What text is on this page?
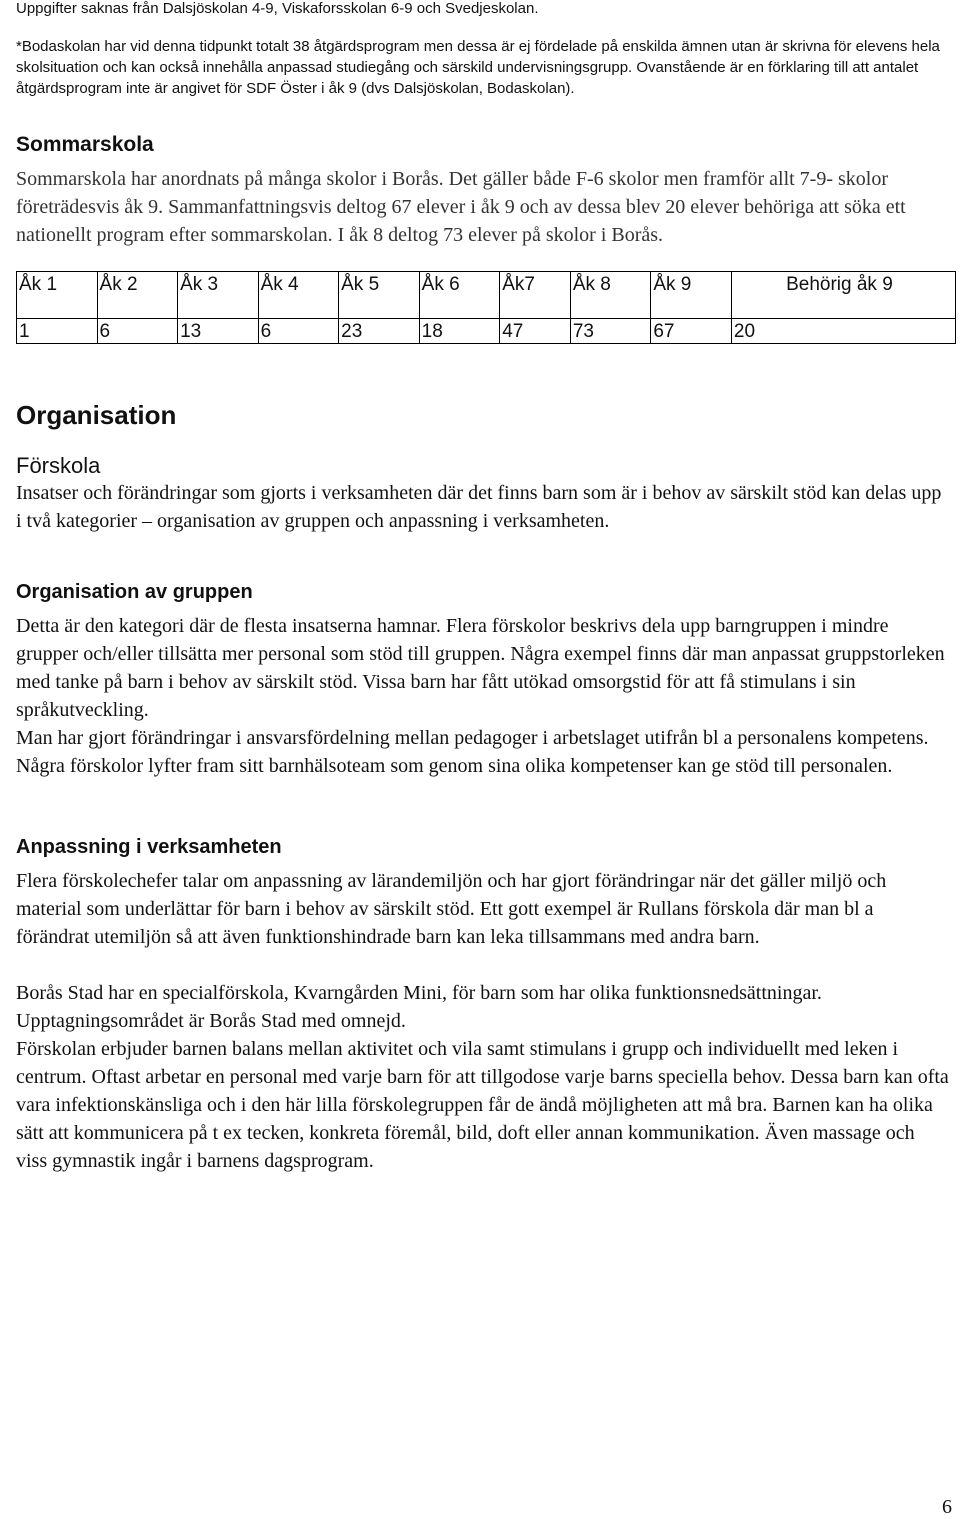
Uppgifter saknas från Dalsjöskolan 4-9, Viskaforsskolan 6-9 och Svedjeskolan.

*Bodaskolan har vid denna tidpunkt totalt 38 åtgärdsprogram men dessa är ej fördelade på enskilda ämnen utan är skrivna för elevens hela skolsituation och kan också innehålla anpassad studiegång och särskild undervisningsgrupp. Ovanstående är en förklaring till att antalet åtgärdsprogram inte är angivet för SDF Öster i åk 9 (dvs Dalsjöskolan, Bodaskolan).

Sommarskola

Sommarskola har anordnats på många skolor i Borås. Det gäller både F-6 skolor men framför allt 7-9- skolor företrädesvis åk 9. Sammanfattningsvis deltog 67 elever i åk 9 och av dessa blev 20 elever behöriga att söka ett nationellt program efter sommarskolan. I åk 8 deltog 73 elever på skolor i Borås.

Åk 1	Åk 2	Åk 3	Åk 4	Åk 5	Åk 6	Åk7	Åk 8	Åk 9	Behörig åk 9
1	6	13	6	23	18	47	73	67	20
Organisation
Förskola

Insatser och förändringar som gjorts i verksamheten där det finns barn som är i behov av särskilt stöd kan delas upp i två kategorier – organisation av gruppen och anpassning i verksamheten.

Organisation av gruppen

Detta är den kategori där de flesta insatserna hamnar. Flera förskolor beskrivs dela upp barngruppen i mindre grupper och/eller tillsätta mer personal som stöd till gruppen. Några exempel finns där man anpassat gruppstorleken med tanke på barn i behov av särskilt stöd. Vissa barn har fått utökad omsorgstid för att få stimulans i sin språkutveckling.

Man har gjort förändringar i ansvarsfördelning mellan pedagoger i arbetslaget utifrån bl a personalens kompetens.

Några förskolor lyfter fram sitt barnhälsoteam som genom sina olika kompetenser kan ge stöd till personalen.

Anpassning i verksamheten

Flera förskolechefer talar om anpassning av lärandemiljön och har gjort förändringar när det gäller miljö och material som underlättar för barn i behov av särskilt stöd. Ett gott exempel är Rullans förskola där man bl a förändrat utemiljön så att även funktionshindrade barn kan leka tillsammans med andra barn.

Borås Stad har en specialförskola, Kvarngården Mini, för barn som har olika funktionsnedsättningar. Upptagningsområdet är Borås Stad med omnejd.

Förskolan erbjuder barnen balans mellan aktivitet och vila samt stimulans i grupp och individuellt med leken i centrum. Oftast arbetar en personal med varje barn för att tillgodose varje barns speciella behov. Dessa barn kan ofta vara infektionskänsliga och i den här lilla förskolegruppen får de ändå möjligheten att må bra. Barnen kan ha olika sätt att kommunicera på t ex tecken, konkreta föremål, bild, doft eller annan kommunikation. Även massage och viss gymnastik ingår i barnens dagsprogram.

6
